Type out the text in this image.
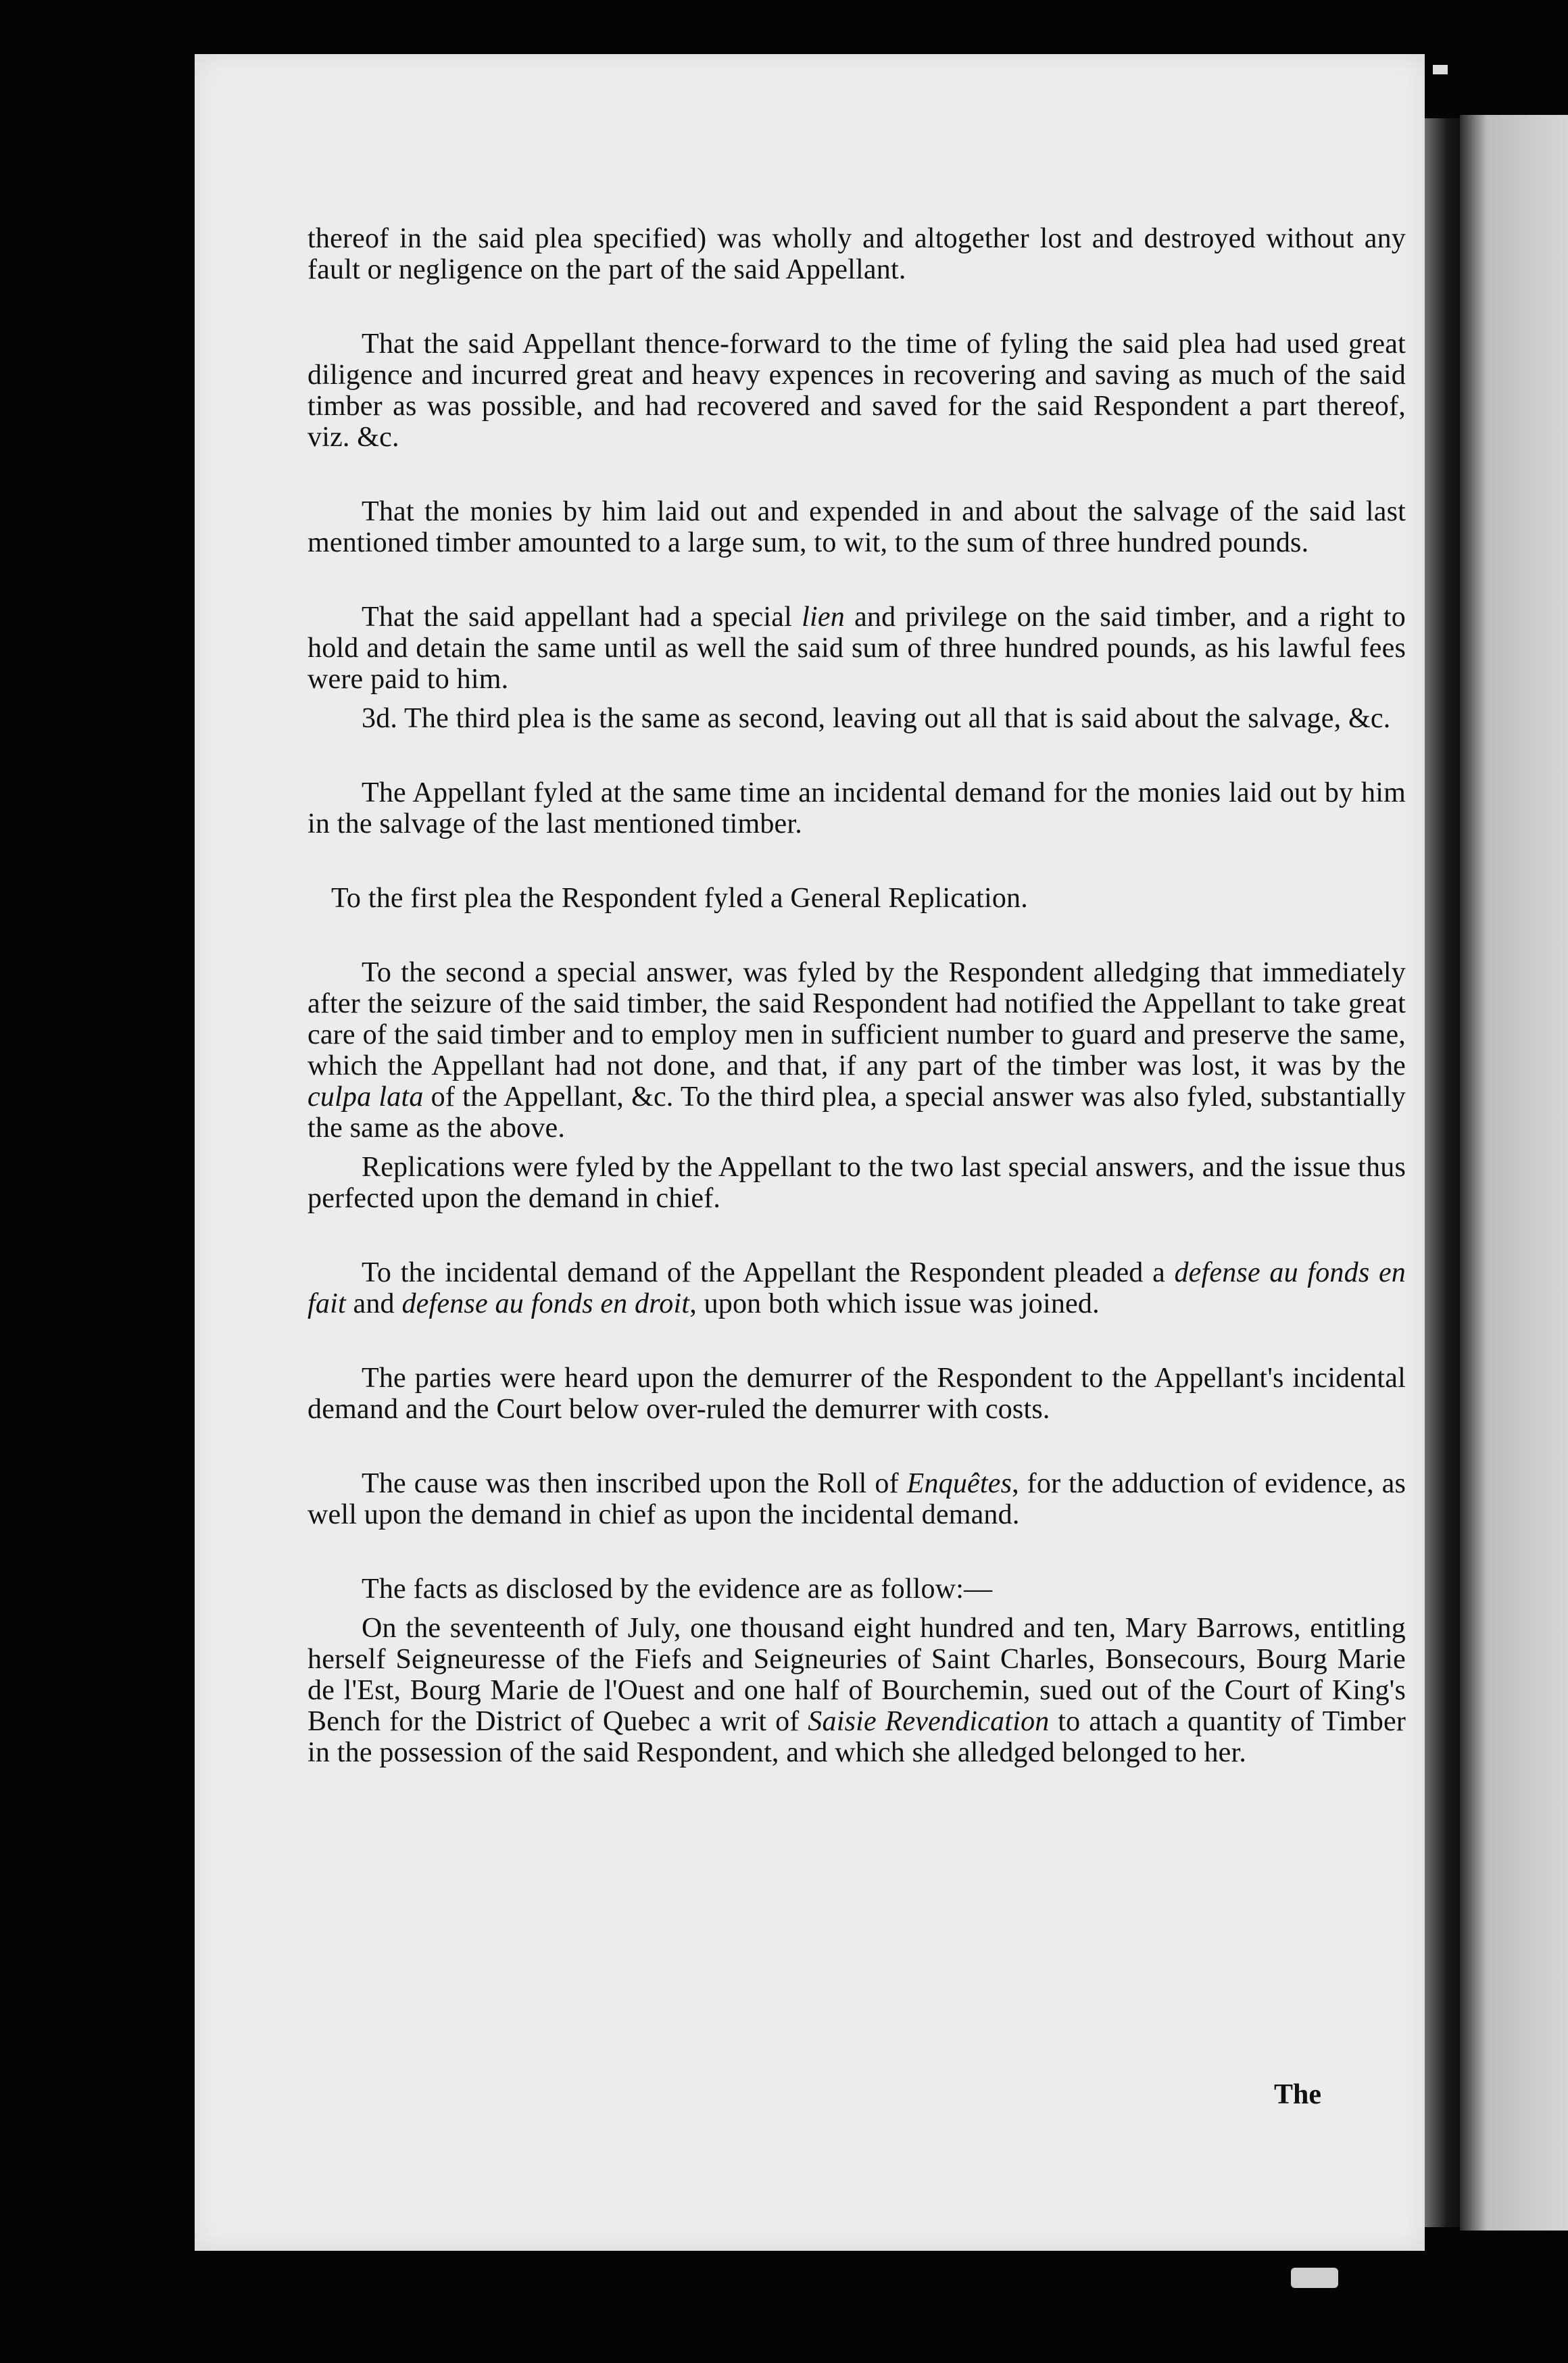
thereof in the said plea specified) was wholly and altogether lost and destroyed without any fault or negligence on the part of the said Appellant.

That the said Appellant thence-forward to the time of fyling the said plea had used great diligence and incurred great and heavy expences in recovering and saving as much of the said timber as was possible, and had recovered and saved for the said Respondent a part thereof, viz. &c.

That the monies by him laid out and expended in and about the salvage of the said last mentioned timber amounted to a large sum, to wit, to the sum of three hundred pounds.

That the said appellant had a special lien and privilege on the said timber, and a right to hold and detain the same until as well the said sum of three hundred pounds, as his lawful fees were paid to him.

3d. The third plea is the same as second, leaving out all that is said about the salvage, &c.

The Appellant fyled at the same time an incidental demand for the monies laid out by him in the salvage of the last mentioned timber.

To the first plea the Respondent fyled a General Replication.

To the second a special answer, was fyled by the Respondent alledging that immediately after the seizure of the said timber, the said Respondent had notified the Appellant to take great care of the said timber and to employ men in sufficient number to guard and preserve the same, which the Appellant had not done, and that, if any part of the timber was lost, it was by the culpa lata of the Appellant, &c. To the third plea, a special answer was also fyled, substantially the same as the above.

Replications were fyled by the Appellant to the two last special answers, and the issue thus perfected upon the demand in chief.

To the incidental demand of the Appellant the Respondent pleaded a defense au fonds en fait and defense au fonds en droit, upon both which issue was joined.

The parties were heard upon the demurrer of the Respondent to the Appellant's incidental demand and the Court below over-ruled the demurrer with costs.

The cause was then inscribed upon the Roll of Enquêtes, for the adduction of evidence, as well upon the demand in chief as upon the incidental demand.

The facts as disclosed by the evidence are as follow:—

On the seventeenth of July, one thousand eight hundred and ten, Mary Barrows, entitling herself Seigneuresse of the Fiefs and Seigneuries of Saint Charles, Bonsecours, Bourg Marie de l'Est, Bourg Marie de l'Ouest and one half of Bourchemin, sued out of the Court of King's Bench for the District of Quebec a writ of Saisie Revendication to attach a quantity of Timber in the possession of the said Respondent, and which she alledged belonged to her.

The
